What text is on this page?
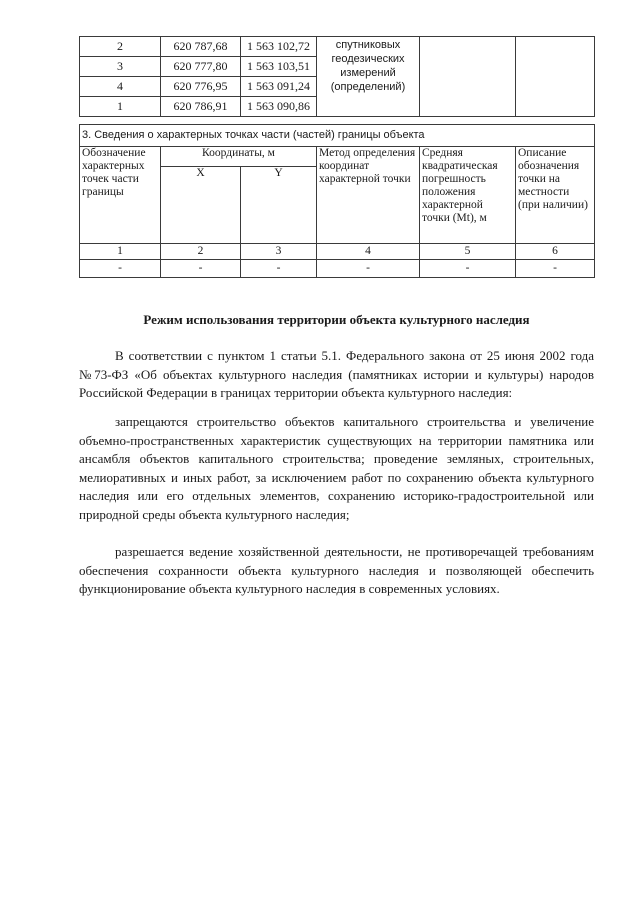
2	620 787,68	1 563 102,72	спутниковых геодезических измерений (определений)		
3	620 777,80	1 563 103,51			
4	620 776,95	1 563 091,24			
1	620 786,91	1 563 090,86			
3. Сведения о характерных точках части (частей) границы объекта					
Обозначение характерных точек части границы	Координаты, м		Метод определения координат характерной точки	Средняя квадратическая погрешность положения характерной точки (Mt), м	Описание обозначения точки на местности (при наличии)
	X	Y			
1	2	3	4	5	6
-	-	-	-	-	-
Режим использования территории объекта культурного наследия

В соответствии с пунктом 1 статьи 5.1. Федерального закона от 25 июня 2002 года №73-ФЗ «Об объектах культурного наследия (памятниках истории и культуры) народов Российской Федерации в границах территории объекта культурного наследия:

запрещаются строительство объектов капитального строительства и увеличение объемно-пространственных характеристик существующих на территории памятника или ансамбля объектов капитального строительства; проведение земляных, строительных, мелиоративных и иных работ, за исключением работ по сохранению объекта культурного наследия или его отдельных элементов, сохранению историко-градостроительной или природной среды объекта культурного наследия;

разрешается ведение хозяйственной деятельности, не противоречащей требованиям обеспечения сохранности объекта культурного наследия и позволяющей обеспечить функционирование объекта культурного наследия в современных условиях.
